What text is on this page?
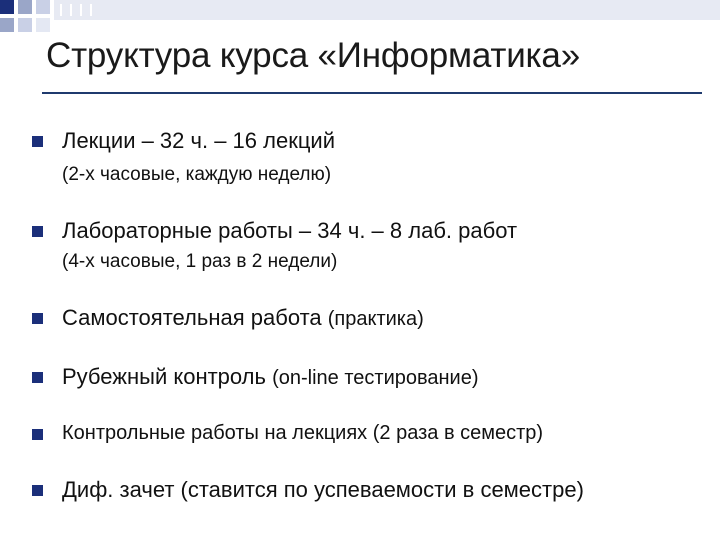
Структура курса «Информатика»
Лекции – 32 ч. – 16 лекций
(2-х часовые, каждую неделю)
Лабораторные работы – 34 ч. – 8 лаб. работ
(4-х часовые, 1 раз в 2 недели)
Самостоятельная работа (практика)
Рубежный контроль (on-line тестирование)
Контрольные работы на лекциях (2 раза в семестр)
Диф. зачет (ставится по успеваемости в семестре)
